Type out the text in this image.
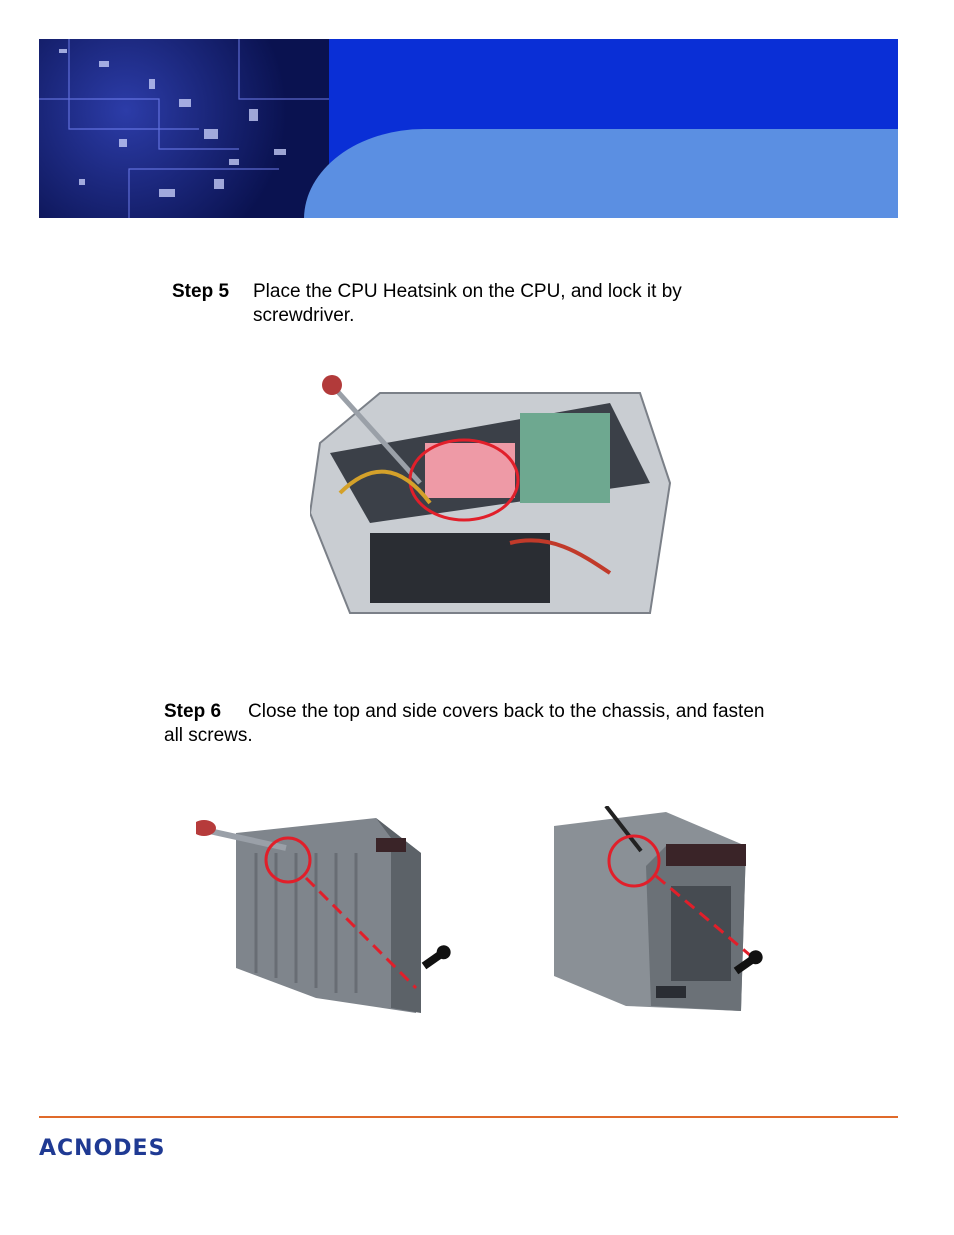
Step 5 Place the CPU Heatsink on the CPU, and lock it by
screwdriver.
Step 6 Close the top and side covers back to the chassis, and fasten
all screws.
ACNODES
